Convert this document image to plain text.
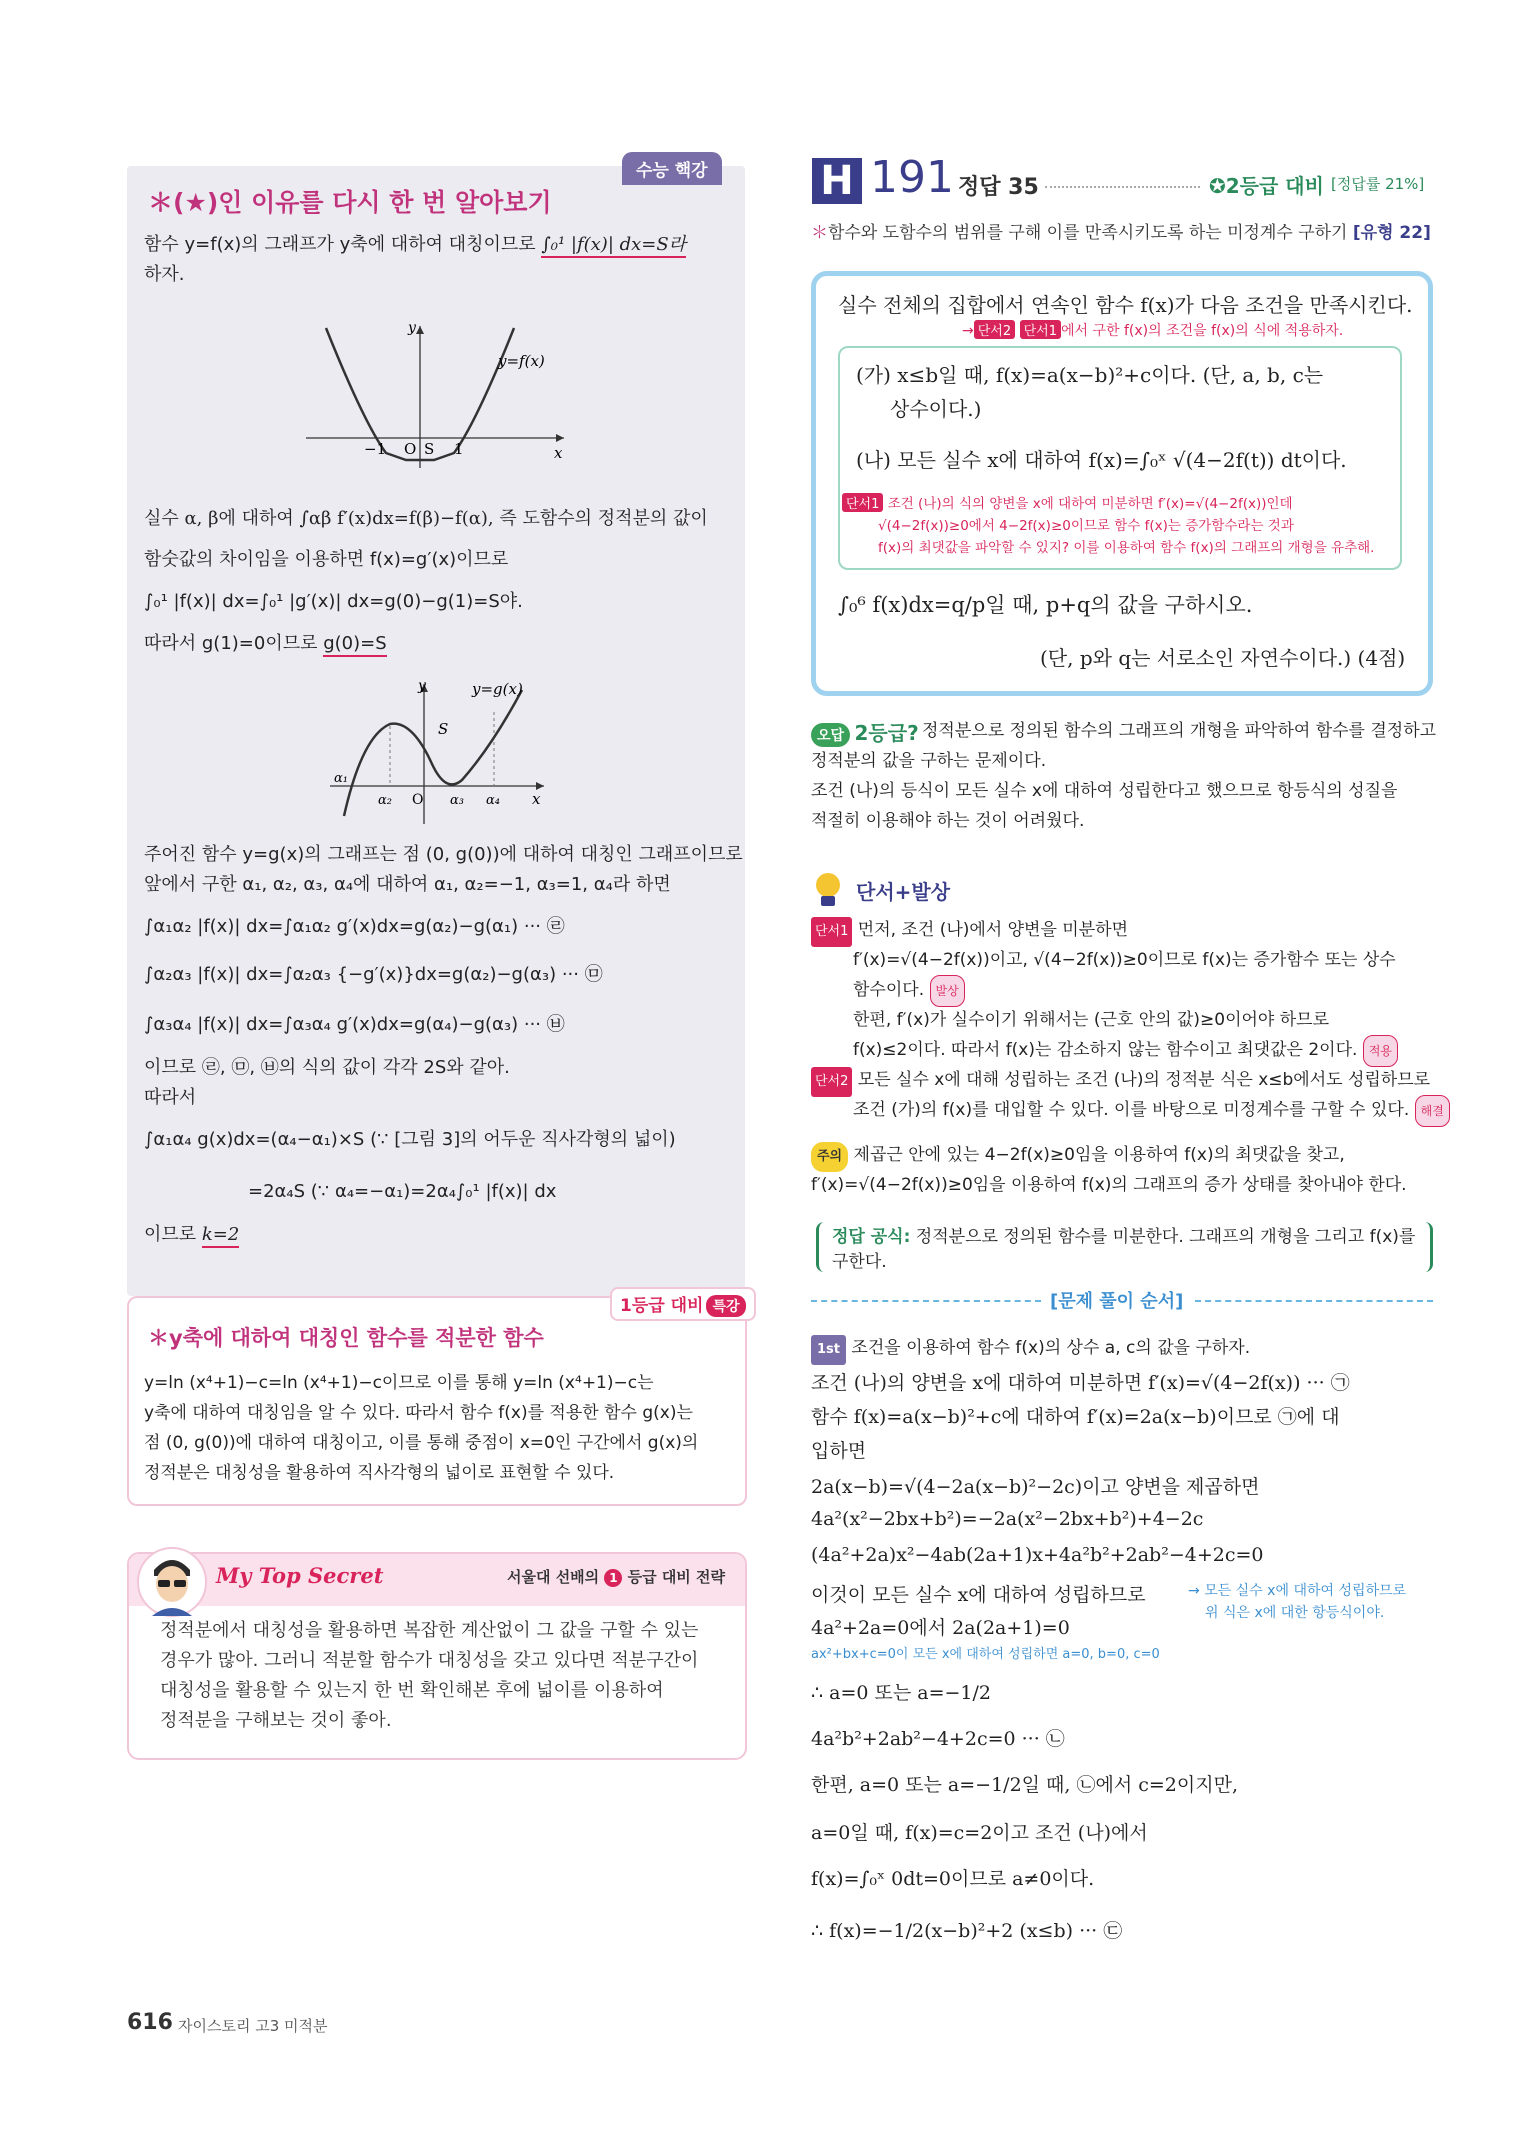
수능 핵강
＊(★)인 이유를 다시 한 번 알아보기

함수 y=f(x)의 그래프가 y축에 대하여 대칭이므로 ∫₀¹ |f(x)| dx=S라

하자.

y
y=f(x)
x
−1 O S 1

실수 α, β에 대하여 ∫αβ f′(x)dx=f(β)−f(α), 즉 도함수의 정적분의 값이

함숫값의 차이임을 이용하면 f(x)=g′(x)이므로

∫₀¹ |f(x)| dx=∫₀¹ |g′(x)| dx=g(0)−g(1)=S야.

따라서 g(1)=0이므로 g(0)=S

y	y=g(x)
x
S
α₁
α₂ O α₃ α₄

주어진 함수 y=g(x)의 그래프는 점 (0, g(0))에 대하여 대칭인 그래프이므로

앞에서 구한 α₁, α₂, α₃, α₄에 대하여 α₁, α₂=−1, α₃=1, α₄라 하면

∫α₁α₂ |f(x)| dx=∫α₁α₂ g′(x)dx=g(α₂)−g(α₁) ··· ㉣

∫α₂α₃ |f(x)| dx=∫α₂α₃ {−g′(x)}dx=g(α₂)−g(α₃) ··· ㉤

∫α₃α₄ |f(x)| dx=∫α₃α₄ g′(x)dx=g(α₄)−g(α₃) ··· ㉥

이므로 ㉣, ㉤, ㉥의 식의 값이 각각 2S와 같아.

따라서

∫α₁α₄ g(x)dx=(α₄−α₁)×S (∵ [그림 3]의 어두운 직사각형의 넓이)

=2α₄S (∵ α₄=−α₁)=2α₄∫₀¹ |f(x)| dx

이므로 k=2

1등급 대비 특강
＊y축에 대하여 대칭인 함수를 적분한 함수

y=ln (x⁴+1)−c=ln (x⁴+1)−c이므로 이를 통해 y=ln (x⁴+1)−c는

y축에 대하여 대칭임을 알 수 있다. 따라서 함수 f(x)를 적용한 함수 g(x)는

점 (0, g(0))에 대하여 대칭이고, 이를 통해 중점이 x=0인 구간에서 g(x)의

정적분은 대칭성을 활용하여 직사각형의 넓이로 표현할 수 있다.

My Top Secret	서울대 선배의 1 등급 대비 전략

정적분에서 대칭성을 활용하면 복잡한 계산없이 그 값을 구할 수 있는

경우가 많아. 그러니 적분할 함수가 대칭성을 갖고 있다면 적분구간이

대칭성을 활용할 수 있는지 한 번 확인해본 후에 넓이를 이용하여

정적분을 구해보는 것이 좋아.

616 자이스토리 고3 미적분
H 191 정답 35	✪2등급 대비 [정답률 21%]
＊함수와 도함수의 범위를 구해 이를 만족시키도록 하는 미정계수 구하기 [유형 22]

실수 전체의 집합에서 연속인 함수 f(x)가 다음 조건을 만족시킨다.

→ 단서2 단서1 에서 구한 f(x)의 조건을 f(x)의 식에 적용하자.

(가) x≤b일 때, f(x)=a(x−b)²+c이다. (단, a, b, c는

상수이다.)

(나) 모든 실수 x에 대하여 f(x)=∫₀ˣ √(4−2f(t)) dt이다.

단서1 조건 (나)의 식의 양변을 x에 대하여 미분하면 f′(x)=√(4−2f(x))인데

√(4−2f(x))≥0에서 4−2f(x)≥0이므로 함수 f(x)는 증가함수라는 것과

f(x)의 최댓값을 파악할 수 있지? 이를 이용하여 함수 f(x)의 그래프의 개형을 유추해.

∫₀⁶ f(x)dx=q/p일 때, p+q의 값을 구하시오.

(단, p와 q는 서로소인 자연수이다.) (4점)

오답 2등급? 정적분으로 정의된 함수의 그래프의 개형을 파악하여 함수를 결정하고

정적분의 값을 구하는 문제이다.

조건 (나)의 등식이 모든 실수 x에 대하여 성립한다고 했으므로 항등식의 성질을

적절히 이용해야 하는 것이 어려웠다.

단서+발상

단서1 먼저, 조건 (나)에서 양변을 미분하면

f′(x)=√(4−2f(x))이고, √(4−2f(x))≥0이므로 f(x)는 증가함수 또는 상수

함수이다. 발상

한편, f′(x)가 실수이기 위해서는 (근호 안의 값)≥0이어야 하므로

f(x)≤2이다. 따라서 f(x)는 감소하지 않는 함수이고 최댓값은 2이다. 적용

단서2 모든 실수 x에 대해 성립하는 조건 (나)의 정적분 식은 x≤b에서도 성립하므로

조건 (가)의 f(x)를 대입할 수 있다. 이를 바탕으로 미정계수를 구할 수 있다. 해결

주의 제곱근 안에 있는 4−2f(x)≥0임을 이용하여 f(x)의 최댓값을 찾고,

f′(x)=√(4−2f(x))≥0임을 이용하여 f(x)의 그래프의 증가 상태를 찾아내야 한다.

정답 공식: 정적분으로 정의된 함수를 미분한다. 그래프의 개형을 그리고 f(x)를

구한다.

[문제 풀이 순서]

1st 조건을 이용하여 함수 f(x)의 상수 a, c의 값을 구하자.

조건 (나)의 양변을 x에 대하여 미분하면 f′(x)=√(4−2f(x)) ··· ㉠

함수 f(x)=a(x−b)²+c에 대하여 f′(x)=2a(x−b)이므로 ㉠에 대

입하면

2a(x−b)=√(4−2a(x−b)²−2c)이고 양변을 제곱하면

4a²(x²−2bx+b²)=−2a(x²−2bx+b²)+4−2c

(4a²+2a)x²−4ab(2a+1)x+4a²b²+2ab²−4+2c=0

이것이 모든 실수 x에 대하여 성립하므로	→ 모든 실수 x에 대하여 성립하므로

위 식은 x에 대한 항등식이야.

4a²+2a=0에서 2a(2a+1)=0

ax²+bx+c=0이 모든 x에 대하여 성립하면 a=0, b=0, c=0

∴ a=0 또는 a=−1/2

4a²b²+2ab²−4+2c=0 ··· ㉡

한편, a=0 또는 a=−1/2일 때, ㉡에서 c=2이지만,

a=0일 때, f(x)=c=2이고 조건 (나)에서

f(x)=∫₀ˣ 0dt=0이므로 a≠0이다.

∴ f(x)=−1/2(x−b)²+2 (x≤b) ··· ㉢
